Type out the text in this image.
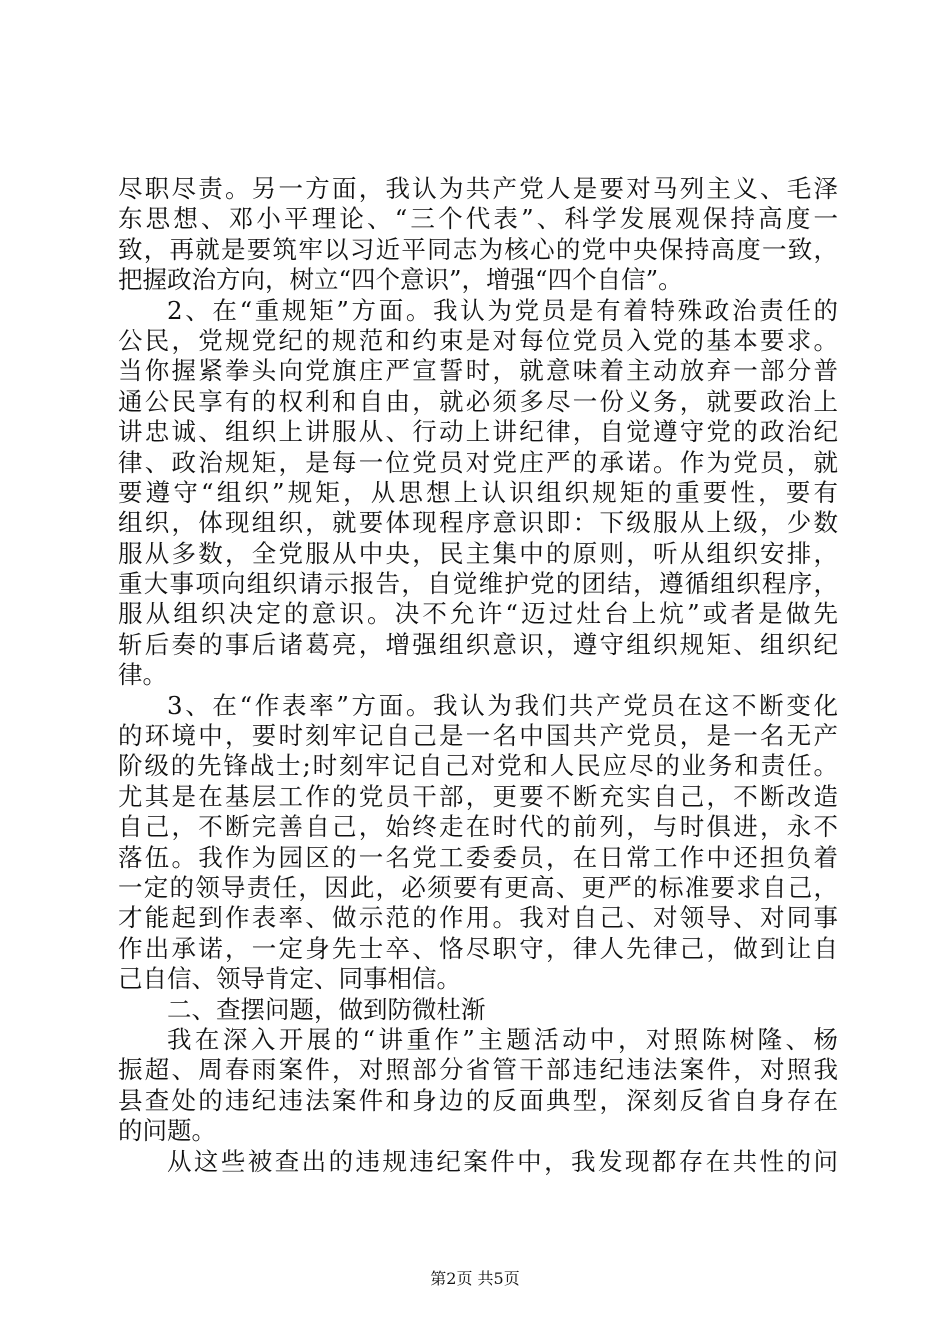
尽职尽责。另一方面，我认为共产党人是要对马列主义、毛泽
东思想、邓小平理论、“三个代表”、科学发展观保持高度一
致，再就是要筑牢以习近平同志为核心的党中央保持高度一致，
把握政治方向，树立“四个意识”，增强“四个自信”。
2、在“重规矩”方面。我认为党员是有着特殊政治责任的
公民，党规党纪的规范和约束是对每位党员入党的基本要求。
当你握紧拳头向党旗庄严宣誓时，就意味着主动放弃一部分普
通公民享有的权利和自由，就必须多尽一份义务，就要政治上
讲忠诚、组织上讲服从、行动上讲纪律，自觉遵守党的政治纪
律、政治规矩，是每一位党员对党庄严的承诺。作为党员，就
要遵守“组织”规矩，从思想上认识组织规矩的重要性，要有
组织，体现组织，就要体现程序意识即：下级服从上级，少数
服从多数，全党服从中央，民主集中的原则，听从组织安排，
重大事项向组织请示报告，自觉维护党的团结，遵循组织程序，
服从组织决定的意识。决不允许“迈过灶台上炕”或者是做先
斩后奏的事后诸葛亮，增强组织意识，遵守组织规矩、组织纪
律。
3、在“作表率”方面。我认为我们共产党员在这不断变化
的环境中，要时刻牢记自己是一名中国共产党员，是一名无产
阶级的先锋战士;时刻牢记自己对党和人民应尽的业务和责任。
尤其是在基层工作的党员干部，更要不断充实自己，不断改造
自己，不断完善自己，始终走在时代的前列，与时俱进，永不
落伍。我作为园区的一名党工委委员，在日常工作中还担负着
一定的领导责任，因此，必须要有更高、更严的标准要求自己，
才能起到作表率、做示范的作用。我对自己、对领导、对同事
作出承诺，一定身先士卒、恪尽职守，律人先律己，做到让自
己自信、领导肯定、同事相信。
二、查摆问题，做到防微杜渐
我在深入开展的“讲重作”主题活动中，对照陈树隆、杨
振超、周春雨案件，对照部分省管干部违纪违法案件，对照我
县查处的违纪违法案件和身边的反面典型，深刻反省自身存在
的问题。
从这些被查出的违规违纪案件中，我发现都存在共性的问
第2页 共5页
